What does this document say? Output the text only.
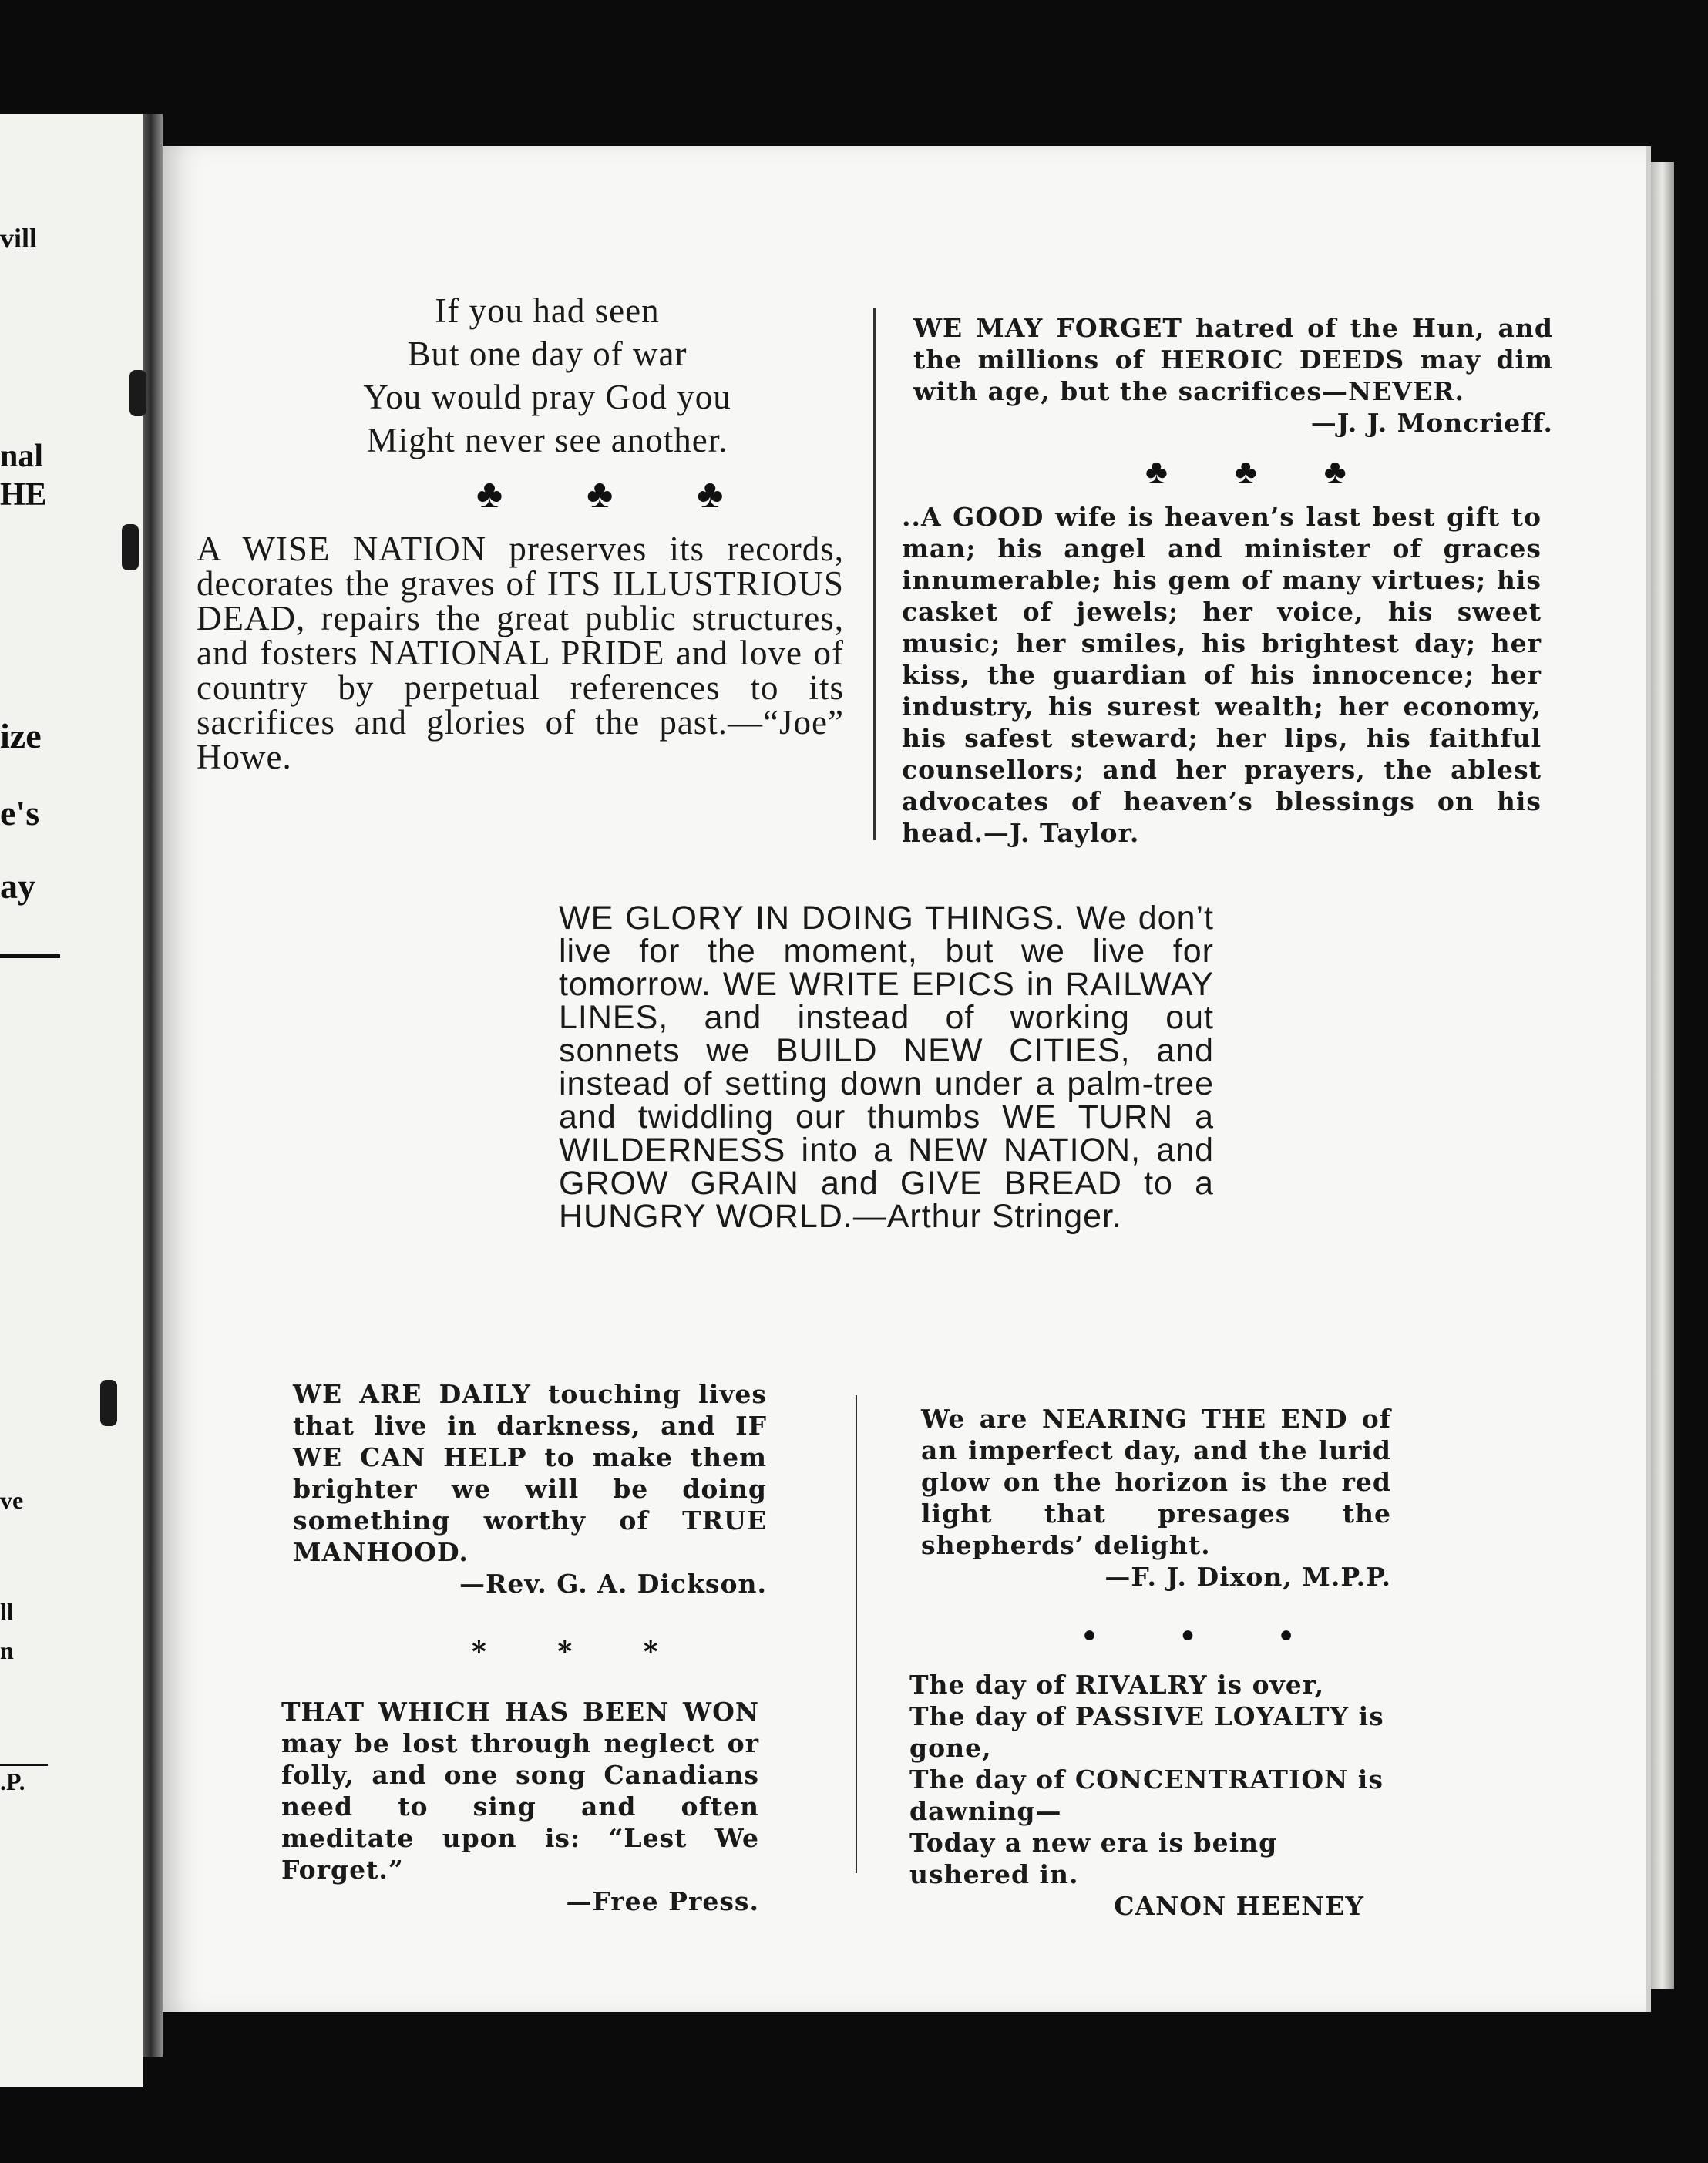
vill
nal
HE
ize
e's
ay
ve
ll
n
.P.
If you had seen
But one day of war
You would pray God you
Might never see another.
♣ ♣ ♣
A WISE NATION preserves its records, decorates the graves of ITS ILLUSTRIOUS DEAD, repairs the great public structures, and fosters NATIONAL PRIDE and love of country by perpetual references to its sacrifices and glories of the past.—“Joe” Howe.
WE MAY FORGET hatred of the Hun, and the millions of HEROIC DEEDS may dim with age, but the sacrifices—NEVER.
—J. J. Moncrieff.
♣ ♣ ♣
..A GOOD wife is heaven’s last best gift to man; his angel and minister of graces innumerable; his gem of many virtues; his casket of jewels; her voice, his sweet music; her smiles, his brightest day; her kiss, the guardian of his innocence; her industry, his surest wealth; her economy, his safest steward; her lips, his faithful counsellors; and her prayers, the ablest advocates of heaven’s blessings on his head.—J. Taylor.
WE GLORY IN DOING THINGS. We don’t live for the moment, but we live for tomorrow. WE WRITE EPICS in RAILWAY LINES, and instead of working out sonnets we BUILD NEW CITIES, and instead of setting down under a palm-tree and twiddling our thumbs WE TURN a WILDERNESS into a NEW NATION, and GROW GRAIN and GIVE BREAD to a HUNGRY WORLD.—Arthur Stringer.
WE ARE DAILY touching lives that live in darkness, and IF WE CAN HELP to make them brighter we will be doing something worthy of TRUE MANHOOD.
—Rev. G. A. Dickson.
* * *
THAT WHICH HAS BEEN WON may be lost through neglect or folly, and one song Canadians need to sing and often meditate upon is: “Lest We Forget.”
—Free Press.
We are NEARING THE END of an imperfect day, and the lurid glow on the horizon is the red light that presages the shepherds’ delight.
—F. J. Dixon, M.P.P.
• • •
The day of RIVALRY is over,
The day of PASSIVE LOYALTY is gone,
The day of CONCENTRATION is dawning—
Today a new era is being ushered in.
CANON HEENEY
